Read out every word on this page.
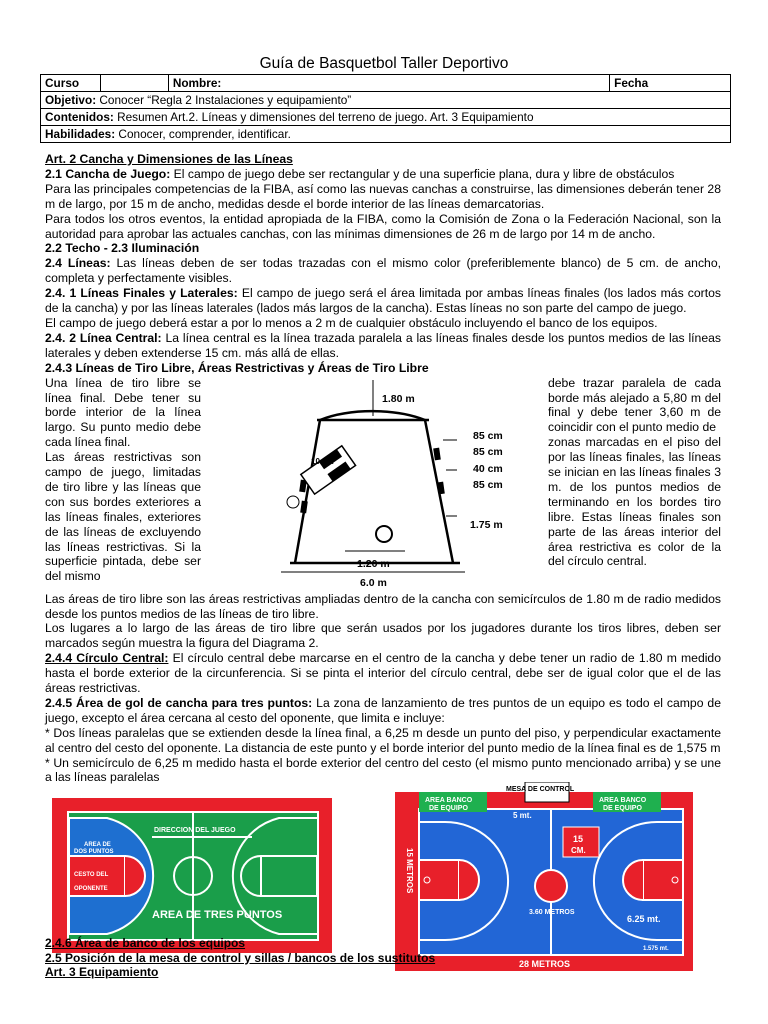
Guía de Basquetbol Taller Deportivo
Curso		Nombre:	Fecha
Objetivo: Conocer “Regla 2 Instalaciones y equipamiento”
Contenidos: Resumen Art.2. Líneas y dimensiones del terreno de juego. Art. 3 Equipamiento
Habilidades: Conocer, comprender, identificar.

Art. 2 Cancha y Dimensiones de las Líneas

2.1 Cancha de Juego: El campo de juego debe ser rectangular y de una superficie plana, dura y libre de obstáculos

Para las principales competencias de la FIBA, así como las nuevas canchas a construirse, las dimensiones deberán tener 28 m de largo, por 15 m de ancho, medidas desde el borde interior de las líneas demarcatorias.

Para todos los otros eventos, la entidad apropiada de la FIBA, como la Comisión de Zona o la Federación Nacional, son la autoridad para aprobar las actuales canchas, con las mínimas dimensiones de 26 m de largo por 14 m de ancho.

2.2 Techo - 2.3 Iluminación

2.4 Líneas: Las líneas deben de ser todas trazadas con el mismo color (preferiblemente blanco) de 5 cm. de ancho, completa y perfectamente visibles.

2.4. 1 Líneas Finales y Laterales: El campo de juego será el área limitada por ambas líneas finales (los lados más cortos de la cancha) y por las líneas laterales (lados más largos de la cancha). Estas líneas no son parte del campo de juego.

El campo de juego deberá estar a por lo menos a 2 m de cualquier obstáculo incluyendo el banco de los equipos.

2.4. 2 Línea Central: La línea central es la línea trazada paralela a las líneas finales desde los puntos medios de las líneas laterales y deben extenderse 15 cm. más allá de ellas.

2.4.3 Líneas de Tiro Libre, Áreas Restrictivas y Áreas de Tiro Libre

Una línea de tiro libre se línea final. Debe tener su borde interior de la línea largo. Su punto medio debe cada línea final.

Las áreas restrictivas son campo de juego, limitadas de tiro libre y las líneas que con sus bordes exteriores a las líneas finales, exteriores de las líneas de excluyendo las líneas restrictivas. Si la superficie pintada, debe ser del mismo

debe trazar paralela de cada borde más alejado a 5,80 m del final y debe tener 3,60 m de coincidir con el punto medio de

zonas marcadas en el piso del por las líneas finales, las líneas se inician en las líneas finales 3 m. de los puntos medios de terminando en los bordes tiro libre. Estas líneas finales son parte de las áreas interior del área restrictiva es color de la del círculo central.

1.80 m
85 cm
85 cm
40 cm
85 cm
10 cm
1.75 m
1.20 m
6.0 m

Las áreas de tiro libre son las áreas restrictivas ampliadas dentro de la cancha con semicírculos de 1.80 m de radio medidos desde los puntos medios de las líneas de tiro libre.

Los lugares a lo largo de las áreas de tiro libre que serán usados por los jugadores durante los tiros libres, deben ser marcados según muestra la figura del Diagrama 2.

2.4.4 Círculo Central: El círculo central debe marcarse en el centro de la cancha y debe tener un radio de 1.80 m medido hasta el borde exterior de la circunferencia. Si se pinta el interior del círculo central, debe ser de igual color que el de las áreas restrictivas.

2.4.5 Área de gol de cancha para tres puntos: La zona de lanzamiento de tres puntos de un equipo es todo el campo de juego, excepto el área cercana al cesto del oponente, que limita e incluye:

* Dos líneas paralelas que se extienden desde la línea final, a 6,25 m desde un punto del piso, y perpendicular exactamente al centro del cesto del oponente. La distancia de este punto y el borde interior del punto medio de la línea final es de 1,575 m

* Un semicírculo de 6,25 m medido hasta el borde exterior del centro del cesto (el mismo punto mencionado arriba) y se une a las líneas paralelas

DIRECCION DEL JUEGO
AREA DE
DOS PUNTOS
CESTO DEL
OPONENTE
AREA DE TRES PUNTOS
MESA DE CONTROL
AREA BANCO
DE EQUIPO
AREA BANCO
DE EQUIPO
5 mt.
15
CM.
15 METROS
3.60 METROS
6.25 mt.
1.575 mt.
28 METROS

2.4.6 Área de banco de los equipos

2.5 Posición de la mesa de control y sillas / bancos de los sustitutos

Art. 3 Equipamiento
